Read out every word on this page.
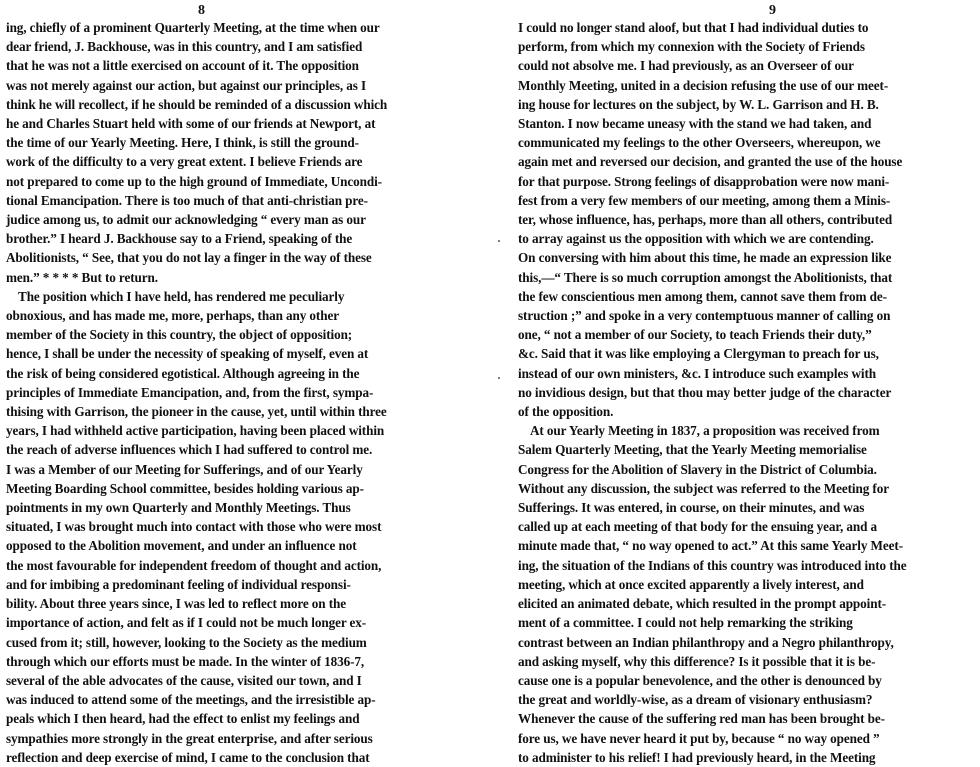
8
ing, chiefly of a prominent Quarterly Meeting, at the time when our
dear friend, J. Backhouse, was in this country, and I am satisfied
that he was not a little exercised on account of it. The opposition
was not merely against our action, but against our principles, as I
think he will recollect, if he should be reminded of a discussion which
he and Charles Stuart held with some of our friends at Newport, at
the time of our Yearly Meeting. Here, I think, is still the ground-
work of the difficulty to a very great extent. I believe Friends are
not prepared to come up to the high ground of Immediate, Uncondi-
tional Emancipation. There is too much of that anti-christian pre-
judice among us, to admit our acknowledging “ every man as our
brother.” I heard J. Backhouse say to a Friend, speaking of the
Abolitionists, “ See, that you do not lay a finger in the way of these
men.” * * * * But to return.
The position which I have held, has rendered me peculiarly
obnoxious, and has made me, more, perhaps, than any other
member of the Society in this country, the object of opposition;
hence, I shall be under the necessity of speaking of myself, even at
the risk of being considered egotistical. Although agreeing in the
principles of Immediate Emancipation, and, from the first, sympa-
thising with Garrison, the pioneer in the cause, yet, until within three
years, I had withheld active participation, having been placed within
the reach of adverse influences which I had suffered to control me.
I was a Member of our Meeting for Sufferings, and of our Yearly
Meeting Boarding School committee, besides holding various ap-
pointments in my own Quarterly and Monthly Meetings. Thus
situated, I was brought much into contact with those who were most
opposed to the Abolition movement, and under an influence not
the most favourable for independent freedom of thought and action,
and for imbibing a predominant feeling of individual responsi-
bility. About three years since, I was led to reflect more on the
importance of action, and felt as if I could not be much longer ex-
cused from it; still, however, looking to the Society as the medium
through which our efforts must be made. In the winter of 1836-7,
several of the able advocates of the cause, visited our town, and I
was induced to attend some of the meetings, and the irresistible ap-
peals which I then heard, had the effect to enlist my feelings and
sympathies more strongly in the great enterprise, and after serious
reflection and deep exercise of mind, I came to the conclusion that
9
I could no longer stand aloof, but that I had individual duties to
perform, from which my connexion with the Society of Friends
could not absolve me. I had previously, as an Overseer of our
Monthly Meeting, united in a decision refusing the use of our meet-
ing house for lectures on the subject, by W. L. Garrison and H. B.
Stanton. I now became uneasy with the stand we had taken, and
communicated my feelings to the other Overseers, whereupon, we
again met and reversed our decision, and granted the use of the house
for that purpose. Strong feelings of disapprobation were now mani-
fest from a very few members of our meeting, among them a Minis-
ter, whose influence, has, perhaps, more than all others, contributed
to array against us the opposition with which we are contending.
On conversing with him about this time, he made an expression like
this,—“ There is so much corruption amongst the Abolitionists, that
the few conscientious men among them, cannot save them from de-
struction ;” and spoke in a very contemptuous manner of calling on
one, “ not a member of our Society, to teach Friends their duty,”
&c. Said that it was like employing a Clergyman to preach for us,
instead of our own ministers, &c. I introduce such examples with
no invidious design, but that thou may better judge of the character
of the opposition.
At our Yearly Meeting in 1837, a proposition was received from
Salem Quarterly Meeting, that the Yearly Meeting memorialise
Congress for the Abolition of Slavery in the District of Columbia.
Without any discussion, the subject was referred to the Meeting for
Sufferings. It was entered, in course, on their minutes, and was
called up at each meeting of that body for the ensuing year, and a
minute made that, “ no way opened to act.” At this same Yearly Meet-
ing, the situation of the Indians of this country was introduced into the
meeting, which at once excited apparently a lively interest, and
elicited an animated debate, which resulted in the prompt appoint-
ment of a committee. I could not help remarking the striking
contrast between an Indian philanthropy and a Negro philanthropy,
and asking myself, why this difference? Is it possible that it is be-
cause one is a popular benevolence, and the other is denounced by
the great and worldly-wise, as a dream of visionary enthusiasm?
Whenever the cause of the suffering red man has been brought be-
fore us, we have never heard it put by, because “ no way opened ”
to administer to his relief! I had previously heard, in the Meeting
